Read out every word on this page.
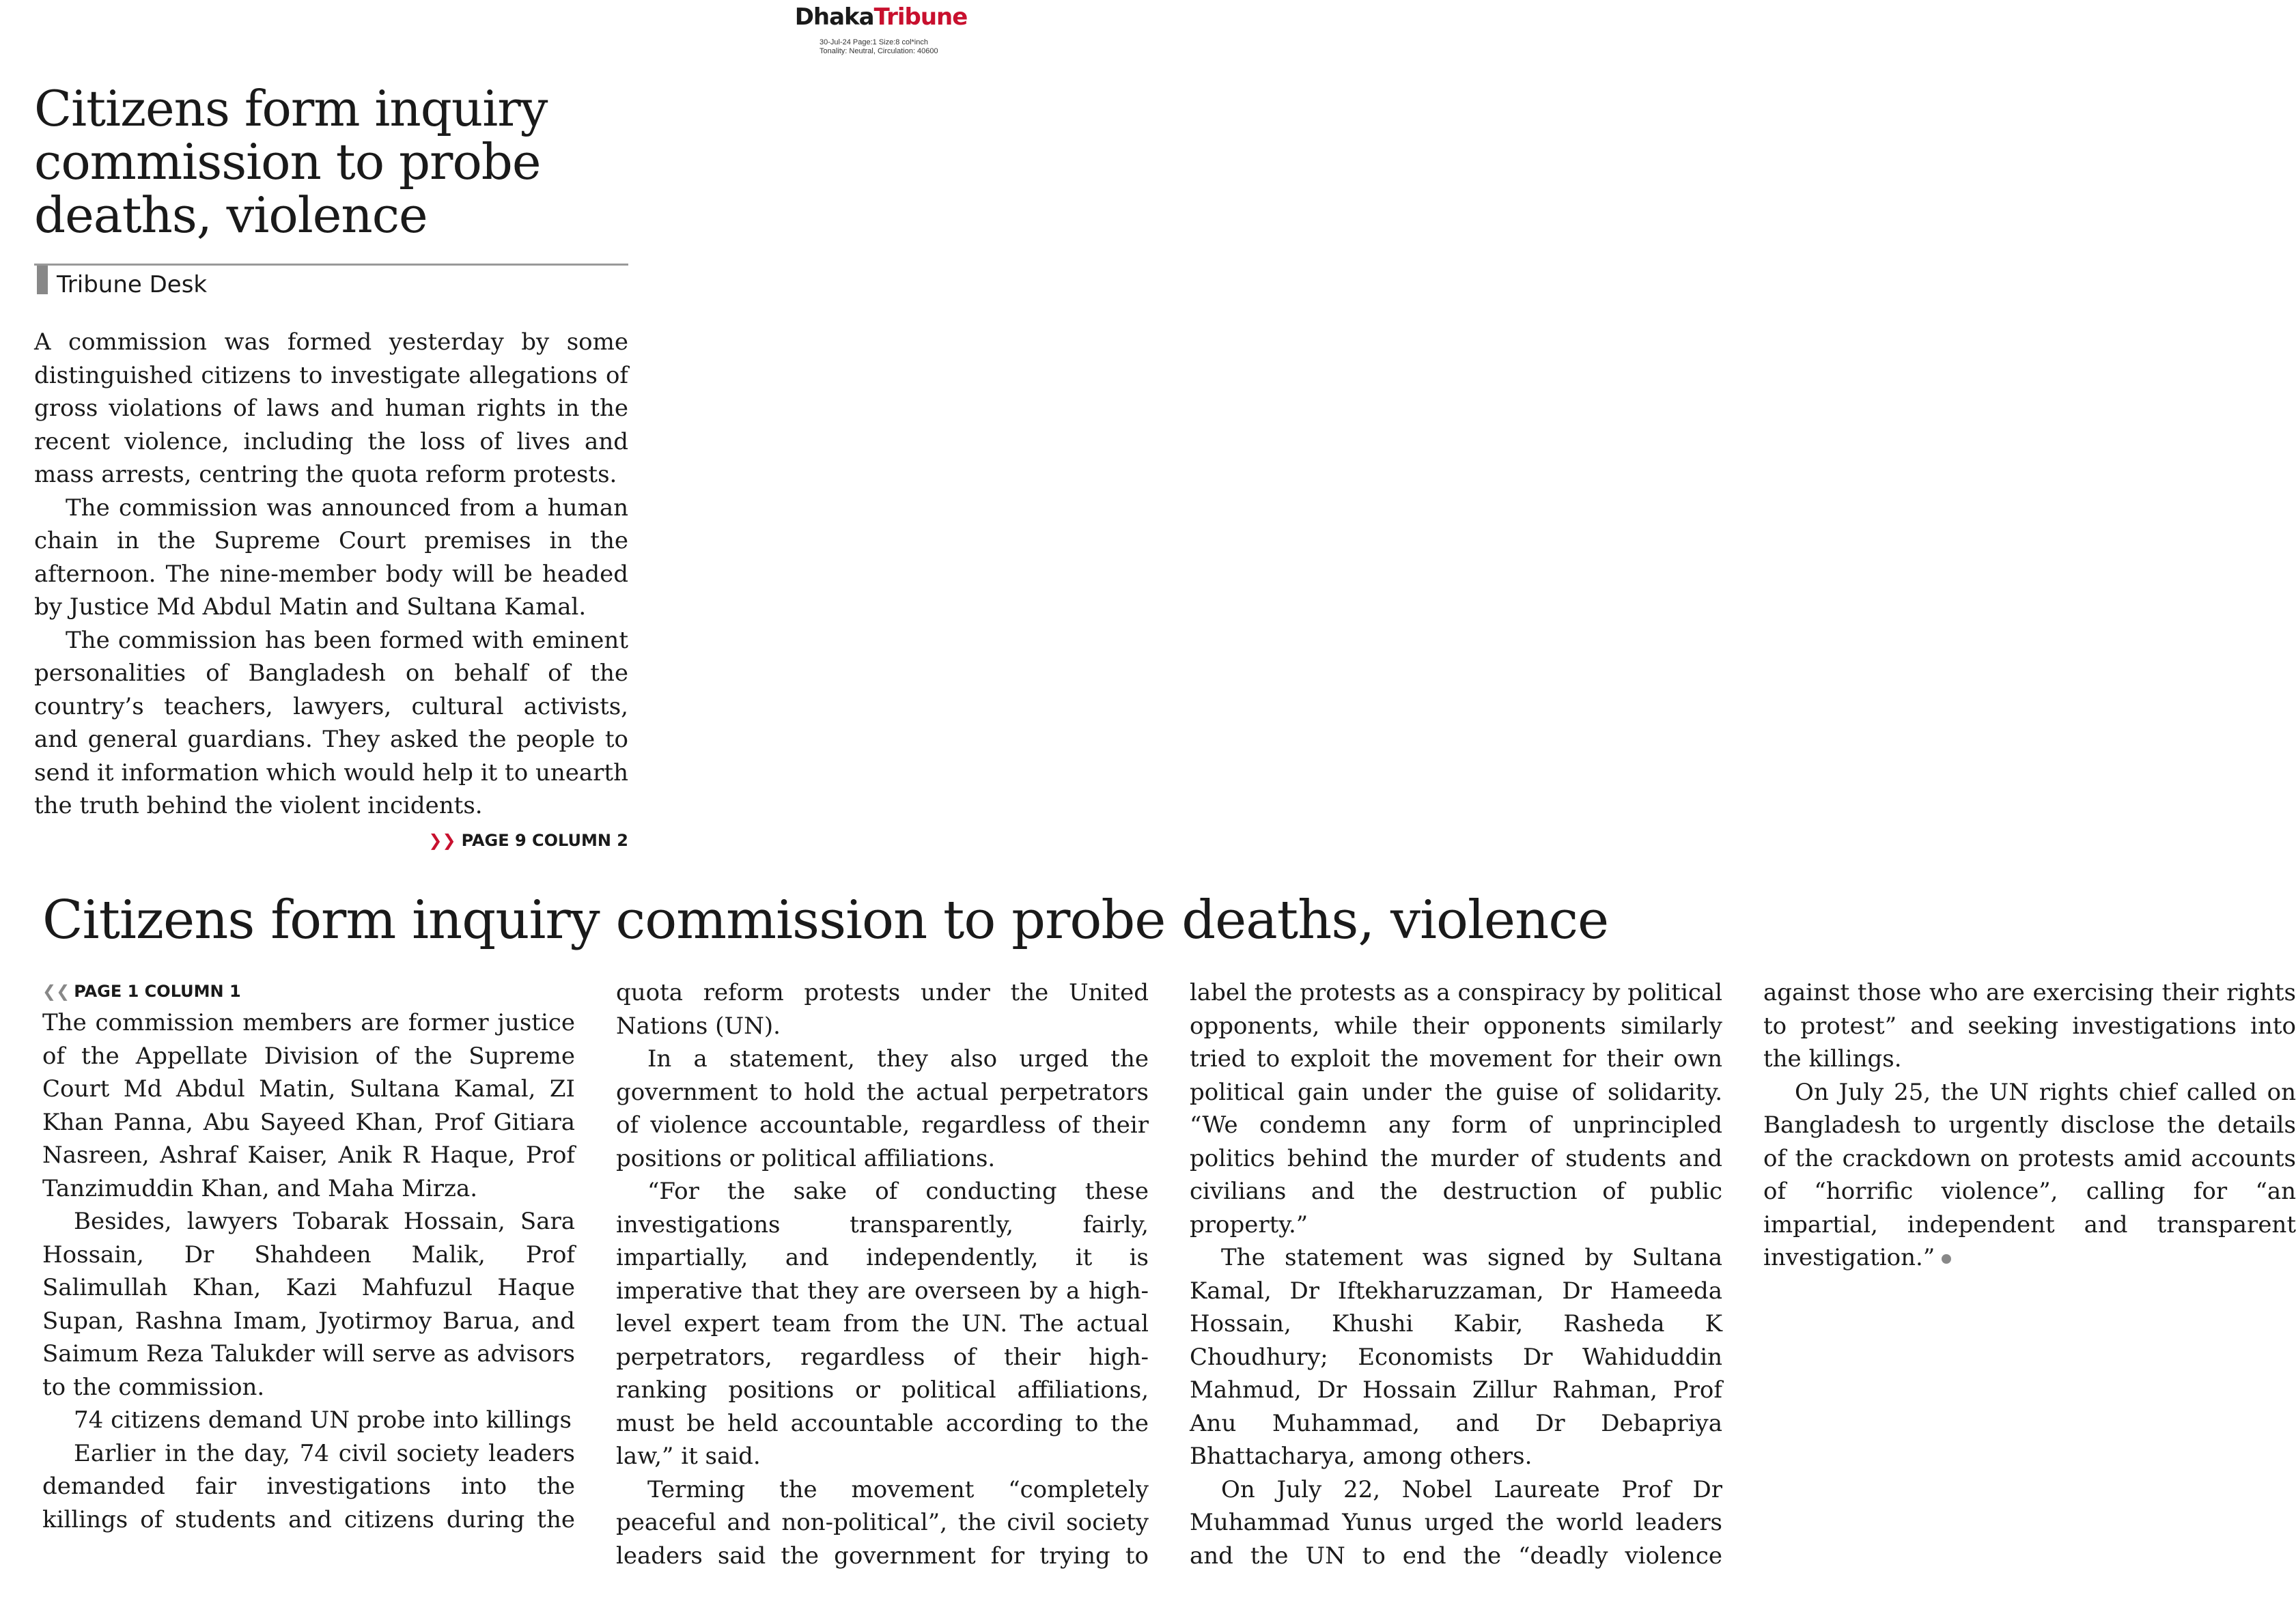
DhakaTribune
30-Jul-24 Page:1 Size:8 col*inch
Tonality: Neutral, Circulation: 40600
Citizens form inquiry commission to probe deaths, violence
Tribune Desk

A commission was formed yesterday by some distinguished citizens to investigate allegations of gross violations of laws and human rights in the recent violence, including the loss of lives and mass arrests, centring the quota reform protests.

The commission was announced from a human chain in the Supreme Court premises in the afternoon. The nine-member body will be headed by Justice Md Abdul Matin and Sultana Kamal.

The commission has been formed with eminent personalities of Bangladesh on behalf of the country’s teachers, lawyers, cultural activists, and general guardians. They asked the people to send it information which would help it to unearth the truth behind the violent incidents.

❯❯ PAGE 9 COLUMN 2
Citizens form inquiry commission to probe deaths, violence
❮❮ PAGE 1 COLUMN 1

The commission members are former justice of the Appellate Division of the Supreme Court Md Abdul Matin, Sultana Kamal, ZI Khan Panna, Abu Sayeed Khan, Prof Gitiara Nasreen, Ashraf Kaiser, Anik R Haque, Prof Tanzimuddin Khan, and Maha Mirza.

Besides, lawyers Tobarak Hossain, Sara Hossain, Dr Shahdeen Malik, Prof Salimullah Khan, Kazi Mahfuzul Haque Supan, Rashna Imam, Jyotirmoy Barua, and Saimum Reza Talukder will serve as advisors to the commission.

74 citizens demand UN probe into killings

Earlier in the day, 74 civil society leaders demanded fair investigations into the killings of students and citizens during the quota reform protests under the United Nations (UN).

In a statement, they also urged the government to hold the actual perpetrators of violence accountable, regardless of their positions or political affiliations.

“For the sake of conducting these investigations transparently, fairly, impartially, and independently, it is imperative that they are overseen by a high-level expert team from the UN. The actual perpetrators, regardless of their high-ranking positions or political affiliations, must be held accountable according to the law,” it said.

Terming the movement “completely peaceful and non-political”, the civil society leaders said the government for trying to label the protests as a conspiracy by political opponents, while their opponents similarly tried to exploit the movement for their own political gain under the guise of solidarity. “We condemn any form of unprincipled politics behind the murder of students and civilians and the destruction of public property.”

The statement was signed by Sultana Kamal, Dr Iftekharuzzaman, Dr Hameeda Hossain, Khushi Kabir, Rasheda K Choudhury; Economists Dr Wahiduddin Mahmud, Dr Hossain Zillur Rahman, Prof Anu Muhammad, and Dr Debapriya Bhattacharya, among others.

On July 22, Nobel Laureate Prof Dr Muhammad Yunus urged the world leaders and the UN to end the “deadly violence against those who are exercising their rights to protest” and seeking investigations into the killings.

On July 25, the UN rights chief called on Bangladesh to urgently disclose the details of the crackdown on protests amid accounts of “horrific violence”, calling for “an impartial, independent and transparent investigation.”
